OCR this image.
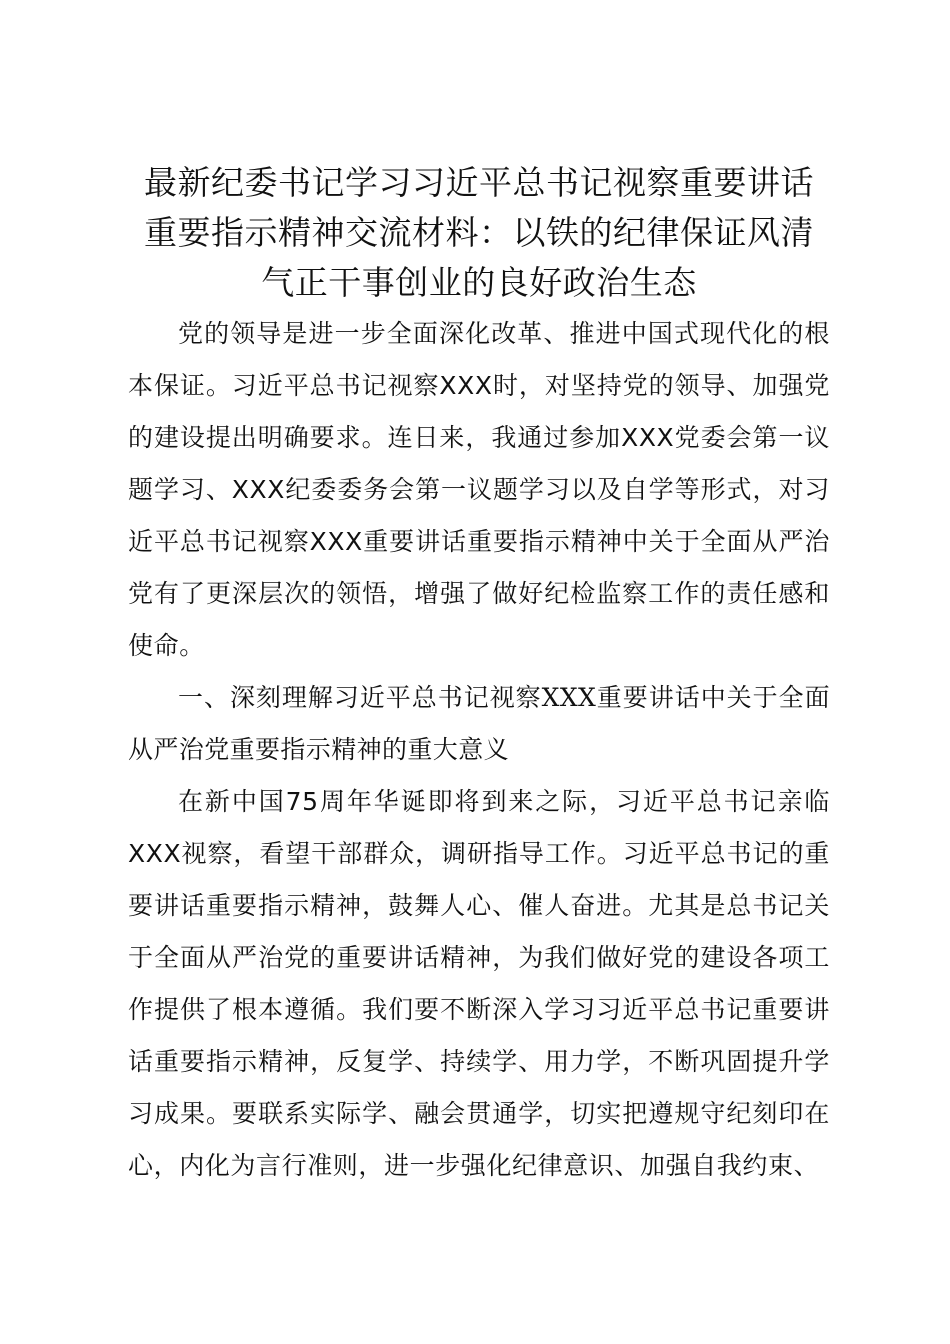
最新纪委书记学习习近平总书记视察重要讲话重要指示精神交流材料：以铁的纪律保证风清气正干事创业的良好政治生态

党的领导是进一步全面深化改革、推进中国式现代化的根本保证。习近平总书记视察XXX时，对坚持党的领导、加强党的建设提出明确要求。连日来，我通过参加XXX党委会第一议题学习、XXX纪委委务会第一议题学习以及自学等形式，对习近平总书记视察XXX重要讲话重要指示精神中关于全面从严治党有了更深层次的领悟，增强了做好纪检监察工作的责任感和使命。

一、深刻理解习近平总书记视察XXX重要讲话中关于全面从严治党重要指示精神的重大意义

在新中国75周年华诞即将到来之际，习近平总书记亲临XXX视察，看望干部群众，调研指导工作。习近平总书记的重要讲话重要指示精神，鼓舞人心、催人奋进。尤其是总书记关于全面从严治党的重要讲话精神，为我们做好党的建设各项工作提供了根本遵循。我们要不断深入学习习近平总书记重要讲话重要指示精神，反复学、持续学、用力学，不断巩固提升学习成果。要联系实际学、融会贯通学，切实把遵规守纪刻印在心，内化为言行准则，进一步强化纪律意识、加强自我约束、
